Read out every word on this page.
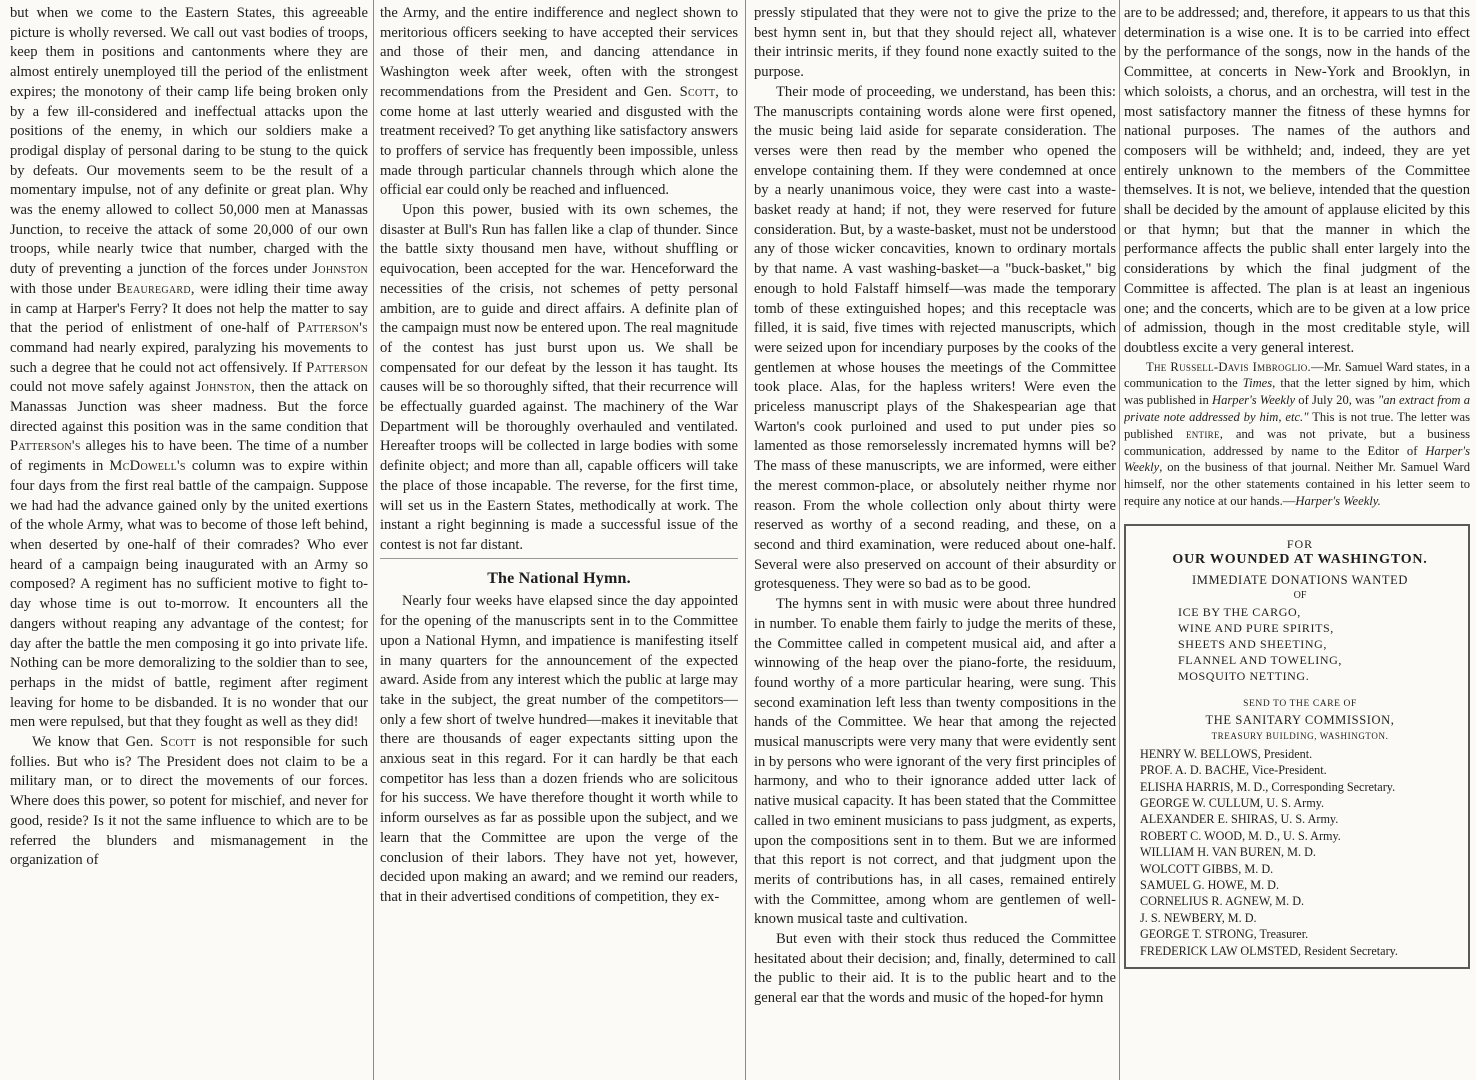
but when we come to the Eastern States, this agreeable picture is wholly reversed. We call out vast bodies of troops, keep them in positions and cantonments where they are almost entirely unemployed till the period of the enlistment expires; the monotony of their camp life being broken only by a few ill-considered and ineffectual attacks upon the positions of the enemy, in which our soldiers make a prodigal display of personal daring to be stung to the quick by defeats. Our movements seem to be the result of a momentary impulse, not of any definite or great plan. Why was the enemy allowed to collect 50,000 men at Manassas Junction, to receive the attack of some 20,000 of our own troops, while nearly twice that number, charged with the duty of preventing a junction of the forces under Johnston with those under Beauregard, were idling their time away in camp at Harper's Ferry? It does not help the matter to say that the period of enlistment of one-half of Patterson's command had nearly expired, paralyzing his movements to such a degree that he could not act offensively. If Patterson could not move safely against Johnston, then the attack on Manassas Junction was sheer madness. But the force directed against this position was in the same condition that Patterson's alleges his to have been. The time of a number of regiments in McDowell's column was to expire within four days from the first real battle of the campaign. Suppose we had had the advance gained only by the united exertions of the whole Army, what was to become of those left behind, when deserted by one-half of their comrades? Who ever heard of a campaign being inaugurated with an Army so composed? A regiment has no sufficient motive to fight to-day whose time is out to-morrow. It encounters all the dangers without reaping any advantage of the contest; for day after the battle the men composing it go into private life. Nothing can be more demoralizing to the soldier than to see, perhaps in the midst of battle, regiment after regiment leaving for home to be disbanded. It is no wonder that our men were repulsed, but that they fought as well as they did!

We know that Gen. Scott is not responsible for such follies. But who is? The President does not claim to be a military man, or to direct the movements of our forces. Where does this power, so potent for mischief, and never for good, reside? Is it not the same influence to which are to be referred the blunders and mismanagement in the organization of

the Army, and the entire indifference and neglect shown to meritorious officers seeking to have accepted their services and those of their men, and dancing attendance in Washington week after week, often with the strongest recommendations from the President and Gen. Scott, to come home at last utterly wearied and disgusted with the treatment received? To get anything like satisfactory answers to proffers of service has frequently been impossible, unless made through particular channels through which alone the official ear could only be reached and influenced.

Upon this power, busied with its own schemes, the disaster at Bull's Run has fallen like a clap of thunder. Since the battle sixty thousand men have, without shuffling or equivocation, been accepted for the war. Henceforward the necessities of the crisis, not schemes of petty personal ambition, are to guide and direct affairs. A definite plan of the campaign must now be entered upon. The real magnitude of the contest has just burst upon us. We shall be compensated for our defeat by the lesson it has taught. Its causes will be so thoroughly sifted, that their recurrence will be effectually guarded against. The machinery of the War Department will be thoroughly overhauled and ventilated. Hereafter troops will be collected in large bodies with some definite object; and more than all, capable officers will take the place of those incapable. The reverse, for the first time, will set us in the Eastern States, methodically at work. The instant a right beginning is made a successful issue of the contest is not far distant.

The National Hymn.

Nearly four weeks have elapsed since the day appointed for the opening of the manuscripts sent in to the Committee upon a National Hymn, and impatience is manifesting itself in many quarters for the announcement of the expected award. Aside from any interest which the public at large may take in the subject, the great number of the competitors—only a few short of twelve hundred—makes it inevitable that there are thousands of eager expectants sitting upon the anxious seat in this regard. For it can hardly be that each competitor has less than a dozen friends who are solicitous for his success. We have therefore thought it worth while to inform ourselves as far as possible upon the subject, and we learn that the Committee are upon the verge of the conclusion of their labors. They have not yet, however, decided upon making an award; and we remind our readers, that in their advertised conditions of competition, they ex-

pressly stipulated that they were not to give the prize to the best hymn sent in, but that they should reject all, whatever their intrinsic merits, if they found none exactly suited to the purpose.

Their mode of proceeding, we understand, has been this: The manuscripts containing words alone were first opened, the music being laid aside for separate consideration. The verses were then read by the member who opened the envelope containing them. If they were condemned at once by a nearly unanimous voice, they were cast into a waste-basket ready at hand; if not, they were reserved for future consideration. But, by a waste-basket, must not be understood any of those wicker concavities, known to ordinary mortals by that name. A vast washing-basket—a "buck-basket," big enough to hold Falstaff himself—was made the temporary tomb of these extinguished hopes; and this receptacle was filled, it is said, five times with rejected manuscripts, which were seized upon for incendiary purposes by the cooks of the gentlemen at whose houses the meetings of the Committee took place. Alas, for the hapless writers! Were even the priceless manuscript plays of the Shakespearian age that Warton's cook purloined and used to put under pies so lamented as those remorselessly incremated hymns will be? The mass of these manuscripts, we are informed, were either the merest common-place, or absolutely neither rhyme nor reason. From the whole collection only about thirty were reserved as worthy of a second reading, and these, on a second and third examination, were reduced about one-half. Several were also preserved on account of their absurdity or grotesqueness. They were so bad as to be good.

The hymns sent in with music were about three hundred in number. To enable them fairly to judge the merits of these, the Committee called in competent musical aid, and after a winnowing of the heap over the piano-forte, the residuum, found worthy of a more particular hearing, were sung. This second examination left less than twenty compositions in the hands of the Committee. We hear that among the rejected musical manuscripts were very many that were evidently sent in by persons who were ignorant of the very first principles of harmony, and who to their ignorance added utter lack of native musical capacity. It has been stated that the Committee called in two eminent musicians to pass judgment, as experts, upon the compositions sent in to them. But we are informed that this report is not correct, and that judgment upon the merits of contributions has, in all cases, remained entirely with the Committee, among whom are gentlemen of well-known musical taste and cultivation.

But even with their stock thus reduced the Committee hesitated about their decision; and, finally, determined to call the public to their aid. It is to the public heart and to the general ear that the words and music of the hoped-for hymn

are to be addressed; and, therefore, it appears to us that this determination is a wise one. It is to be carried into effect by the performance of the songs, now in the hands of the Committee, at concerts in New-York and Brooklyn, in which soloists, a chorus, and an orchestra, will test in the most satisfactory manner the fitness of these hymns for national purposes. The names of the authors and composers will be withheld; and, indeed, they are yet entirely unknown to the members of the Committee themselves. It is not, we believe, intended that the question shall be decided by the amount of applause elicited by this or that hymn; but that the manner in which the performance affects the public shall enter largely into the considerations by which the final judgment of the Committee is affected. The plan is at least an ingenious one; and the concerts, which are to be given at a low price of admission, though in the most creditable style, will doubtless excite a very general interest.

The Russell-Davis Imbroglio.—Mr. Samuel Ward states, in a communication to the Times, that the letter signed by him, which was published in Harper's Weekly of July 20, was "an extract from a private note addressed by him, etc." This is not true. The letter was published entire, and was not private, but a business communication, addressed by name to the Editor of Harper's Weekly, on the business of that journal. Neither Mr. Samuel Ward himself, nor the other statements contained in his letter seem to require any notice at our hands.—Harper's Weekly.

FOR
OUR WOUNDED AT WASHINGTON.
IMMEDIATE DONATIONS WANTED
OF
ICE BY THE CARGO,
WINE AND PURE SPIRITS,
SHEETS AND SHEETING,
FLANNEL AND TOWELING,
MOSQUITO NETTING.
SEND TO THE CARE OF
THE SANITARY COMMISSION,
TREASURY BUILDING, WASHINGTON.
HENRY W. BELLOWS, President.
PROF. A. D. BACHE, Vice-President.
ELISHA HARRIS, M. D., Corresponding Secretary.
GEORGE W. CULLUM, U. S. Army.
ALEXANDER E. SHIRAS, U. S. Army.
ROBERT C. WOOD, M. D., U. S. Army.
WILLIAM H. VAN BUREN, M. D.
WOLCOTT GIBBS, M. D.
SAMUEL G. HOWE, M. D.
CORNELIUS R. AGNEW, M. D.
J. S. NEWBERY, M. D.
GEORGE T. STRONG, Treasurer.
FREDERICK LAW OLMSTED, Resident Secretary.
